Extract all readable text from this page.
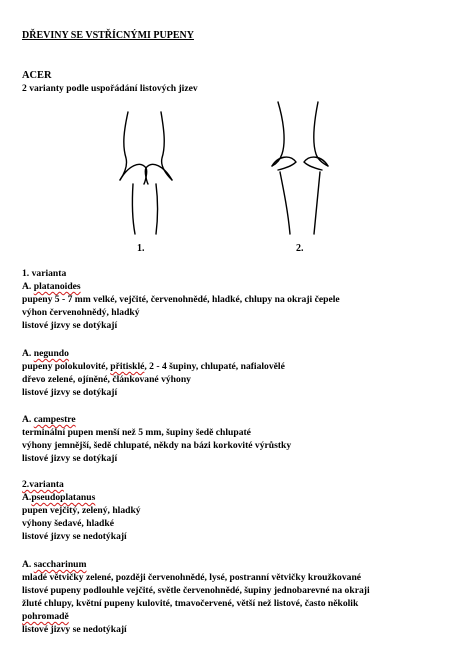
DŘEVINY SE VSTŘÍCNÝMI PUPENY
ACER
2 varianty podle uspořádání listových jizev
1.	2.
1. varianta
A. platanoides
pupeny 5 - 7 mm velké, vejčité, červenohnědé, hladké, chlupy na okraji čepele
výhon červenohnědý, hladký
listové jizvy se dotýkají
A. negundo
pupeny polokulovité, přitisklé, 2 - 4 šupiny, chlupaté, nafialovělé
dřevo zelené, ojíněné, článkované výhony
listové jizvy se dotýkají
A. campestre
terminální pupen menší než 5 mm, šupiny šedě chlupaté
výhony jemnější, šedě chlupaté, někdy na bázi korkovité výrůstky
listové jizvy se dotýkají
2.varianta
A.pseudoplatanus
pupen vejčitý, zelený, hladký
výhony šedavé, hladké
listové jizvy se nedotýkají
A. saccharinum
mladé větvičky zelené, později červenohnědé, lysé, postranní větvičky kroužkované
listové pupeny podlouhle vejčité, světle červenohnědé, šupiny jednobarevné na okraji
žluté chlupy, květní pupeny kulovité, tmavočervené, větší než listové, často několik
pohromadě
listové jizvy se nedotýkají
